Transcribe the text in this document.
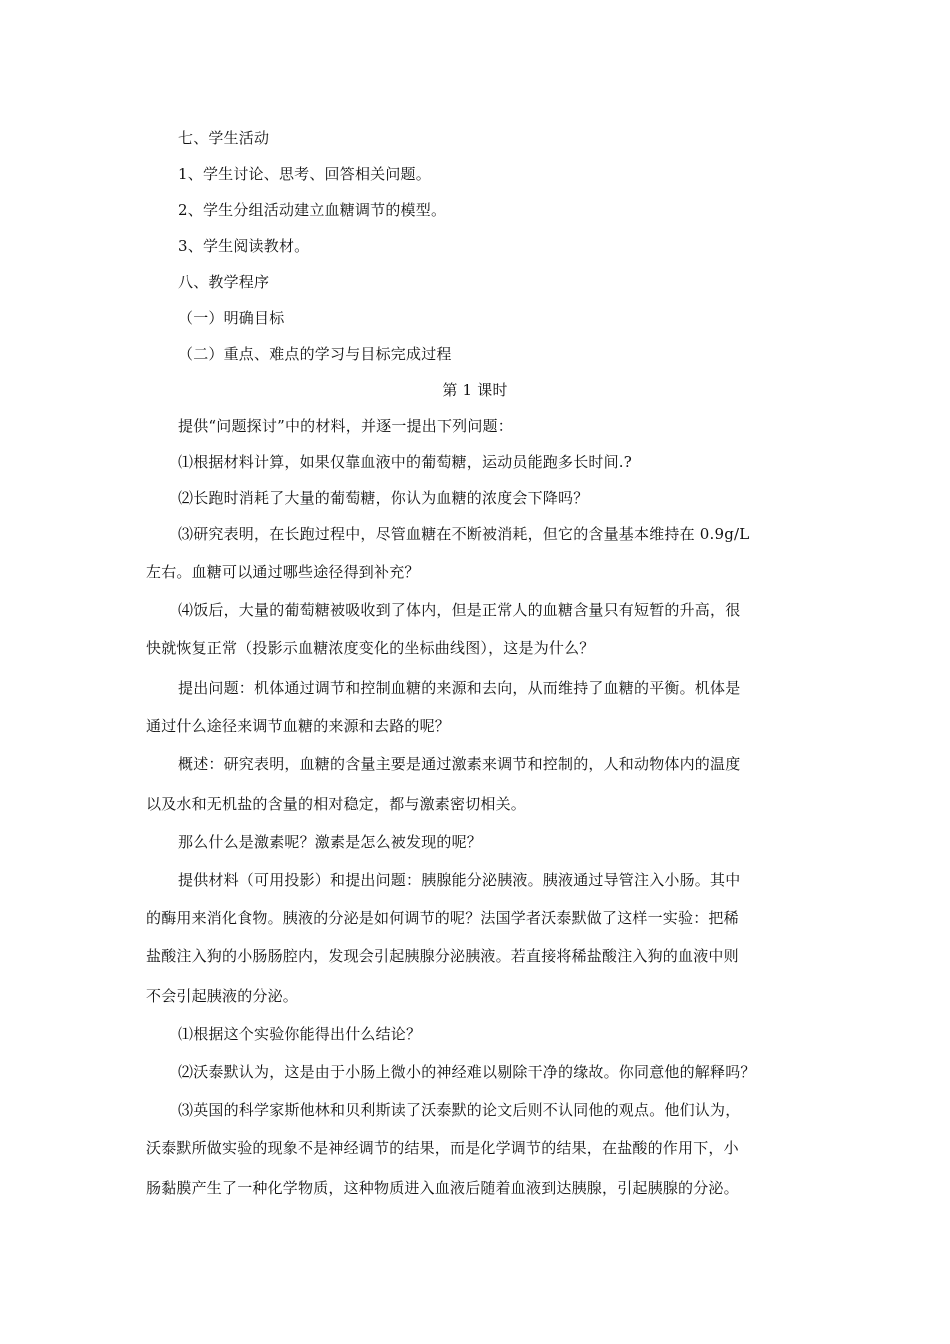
七、学生活动
1、学生讨论、思考、回答相关问题。
2、学生分组活动建立血糖调节的模型。
3、学生阅读教材。
八、教学程序
（一）明确目标
（二）重点、难点的学习与目标完成过程
第 1 课时
提供“问题探讨”中的材料，并逐一提出下列问题：
⑴根据材料计算，如果仅靠血液中的葡萄糖，运动员能跑多长时间.?
⑵长跑时消耗了大量的葡萄糖，你认为血糖的浓度会下降吗？
⑶研究表明，在长跑过程中，尽管血糖在不断被消耗，但它的含量基本维持在 0.9g/L
左右。血糖可以通过哪些途径得到补充？
⑷饭后，大量的葡萄糖被吸收到了体内，但是正常人的血糖含量只有短暂的升高，很
快就恢复正常（投影示血糖浓度变化的坐标曲线图），这是为什么？
提出问题：机体通过调节和控制血糖的来源和去向，从而维持了血糖的平衡。机体是
通过什么途径来调节血糖的来源和去路的呢？
概述：研究表明，血糖的含量主要是通过激素来调节和控制的，人和动物体内的温度
以及水和无机盐的含量的相对稳定，都与激素密切相关。
那么什么是激素呢？激素是怎么被发现的呢？
提供材料（可用投影）和提出问题：胰腺能分泌胰液。胰液通过导管注入小肠。其中
的酶用来消化食物。胰液的分泌是如何调节的呢？法国学者沃泰默做了这样一实验：把稀
盐酸注入狗的小肠肠腔内，发现会引起胰腺分泌胰液。若直接将稀盐酸注入狗的血液中则
不会引起胰液的分泌。
⑴根据这个实验你能得出什么结论？
⑵沃泰默认为，这是由于小肠上微小的神经难以剔除干净的缘故。你同意他的解释吗？
⑶英国的科学家斯他林和贝利斯读了沃泰默的论文后则不认同他的观点。他们认为，
沃泰默所做实验的现象不是神经调节的结果，而是化学调节的结果，在盐酸的作用下，小
肠黏膜产生了一种化学物质，这种物质进入血液后随着血液到达胰腺，引起胰腺的分泌。
